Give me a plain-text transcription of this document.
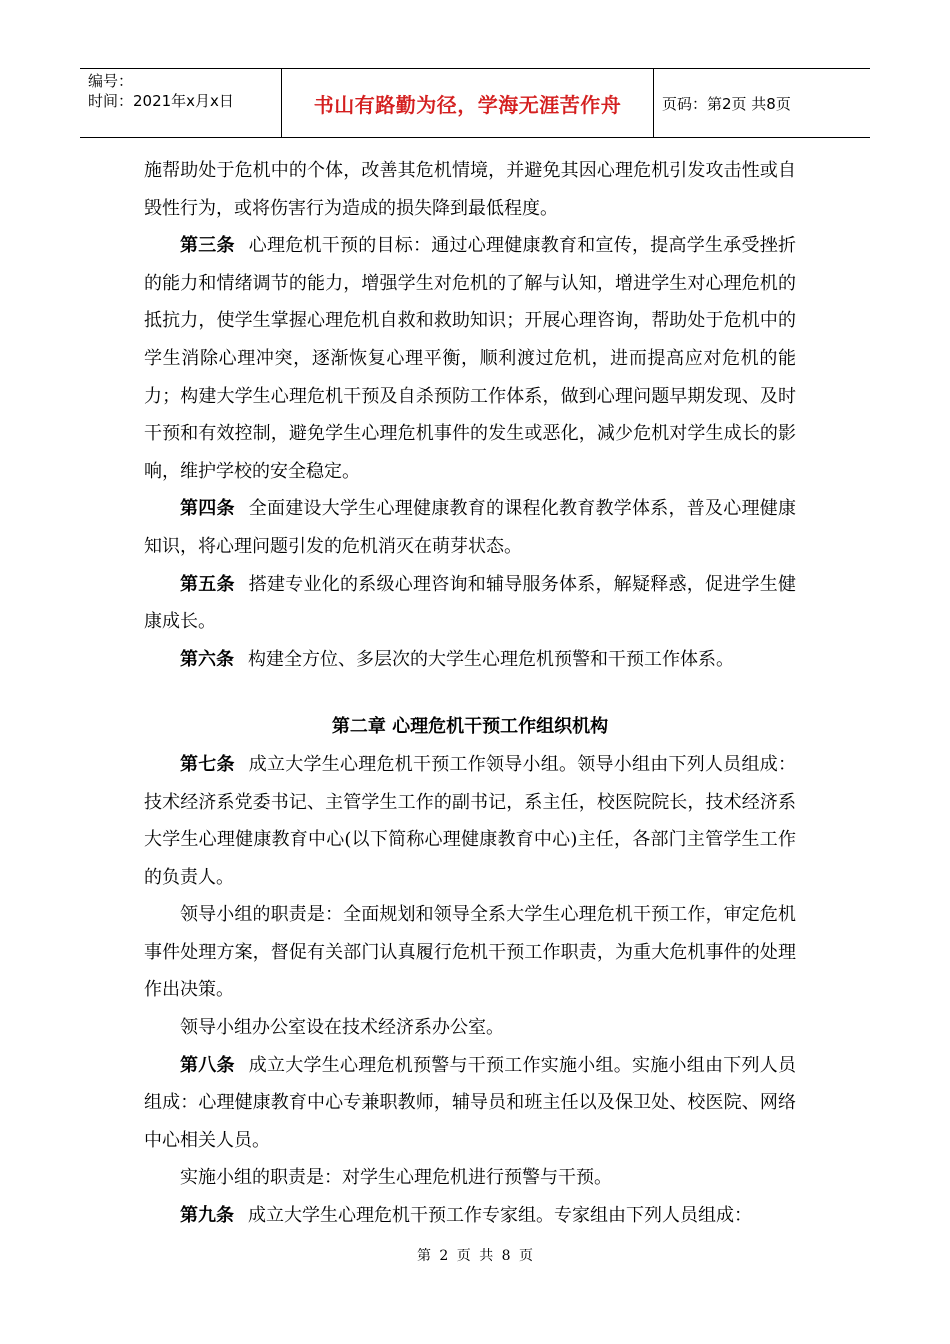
编号：
时间：2021年x月x日	书山有路勤为径，学海无涯苦作舟	页码：第2页 共8页

施帮助处于危机中的个体，改善其危机情境，并避免其因心理危机引发攻击性或自毁性行为，或将伤害行为造成的损失降到最低程度。

第三条 心理危机干预的目标：通过心理健康教育和宣传，提高学生承受挫折的能力和情绪调节的能力，增强学生对危机的了解与认知，增进学生对心理危机的抵抗力，使学生掌握心理危机自救和救助知识；开展心理咨询，帮助处于危机中的学生消除心理冲突，逐渐恢复心理平衡，顺利渡过危机，进而提高应对危机的能力；构建大学生心理危机干预及自杀预防工作体系，做到心理问题早期发现、及时干预和有效控制，避免学生心理危机事件的发生或恶化，减少危机对学生成长的影响，维护学校的安全稳定。

第四条 全面建设大学生心理健康教育的课程化教育教学体系，普及心理健康知识，将心理问题引发的危机消灭在萌芽状态。

第五条 搭建专业化的系级心理咨询和辅导服务体系，解疑释惑，促进学生健康成长。

第六条 构建全方位、多层次的大学生心理危机预警和干预工作体系。

第二章 心理危机干预工作组织机构

第七条 成立大学生心理危机干预工作领导小组。领导小组由下列人员组成：技术经济系党委书记、主管学生工作的副书记，系主任，校医院院长，技术经济系大学生心理健康教育中心(以下简称心理健康教育中心)主任，各部门主管学生工作的负责人。

领导小组的职责是：全面规划和领导全系大学生心理危机干预工作，审定危机事件处理方案，督促有关部门认真履行危机干预工作职责，为重大危机事件的处理作出决策。

领导小组办公室设在技术经济系办公室。

第八条 成立大学生心理危机预警与干预工作实施小组。实施小组由下列人员组成：心理健康教育中心专兼职教师，辅导员和班主任以及保卫处、校医院、网络中心相关人员。

实施小组的职责是：对学生心理危机进行预警与干预。

第九条 成立大学生心理危机干预工作专家组。专家组由下列人员组成：

第 2 页 共 8 页
